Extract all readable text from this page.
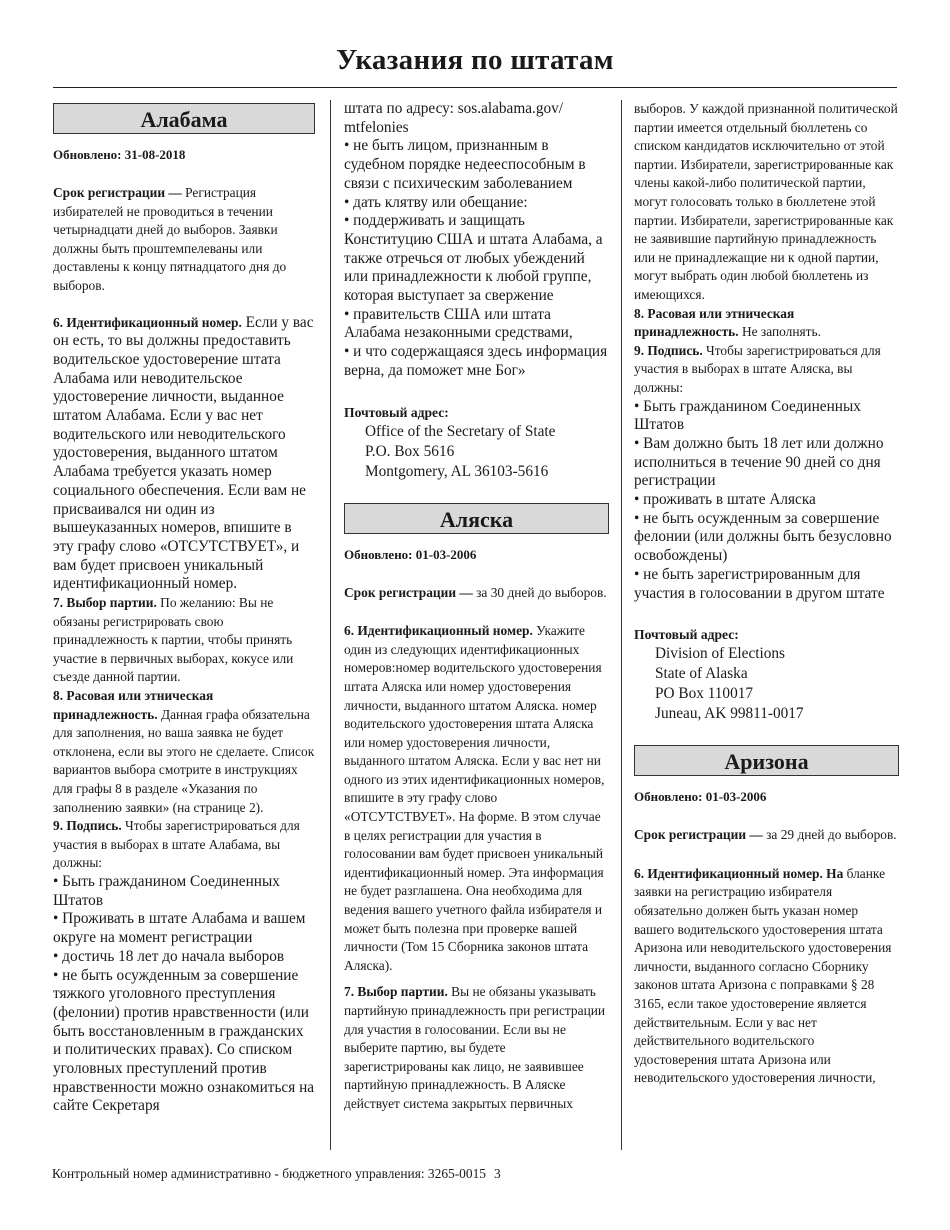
Указания по штатам
Алабама
Обновлено: 31-08-2018

Срок регистрации — Регистрация избирателей не проводиться в течении четырнадцати дней до выборов. Заявки должны быть проштемпелеваны или доставлены к концу пятнадцатого дня до выборов.

6. Идентификационный номер. Если у вас он есть, то вы должны предоставить водительское удостоверение штата Алабама или неводительское удостоверение личности, выданное штатом Алабама. Если у вас нет водительского или неводительского удостоверения, выданного штатом Алабама требуется указать номер социального обеспечения. Если вам не присваивался ни один из вышеуказанных номеров, впишите в эту графу слово «ОТСУТСТВУЕТ», и вам будет присвоен уникальный идентификационный номер.

7. Выбор партии. По желанию: Вы не обязаны регистрировать свою принадлежность к партии, чтобы принять участие в первичных выборах, кокусе или съезде данной партии.

8. Расовая или этническая принадлежность. Данная графа обязательна для заполнения, но ваша заявка не будет отклонена, если вы этого не сделаете. Список вариантов выбора смотрите в инструкциях для графы 8 в разделе «Указания по заполнению заявки» (на странице 2).

9. Подпись. Чтобы зарегистрироваться для участия в выборах в штате Алабама, вы должны:

• Быть гражданином Соединенных Штатов

• Проживать в штате Алабама и вашем округе на момент регистрации

• достичь 18 лет до начала выборов

• не быть осужденным за совершение тяжкого уголовного преступления (фелонии) против нравственности (или быть восстановленным в гражданских и политических правах). Со списком уголовных преступлений против нравственности можно ознакомиться на сайте Секретаря

штата по адресу: sos.alabama.gov/ mtfelonies

• не быть лицом, признанным в судебном порядке недееспособным в связи с психическим заболеванием

• дать клятву или обещание:

• поддерживать и защищать Конституцию США и штата Алабама, а также отречься от любых убеждений или принадлежности к любой группе, которая выступает за свержение

• правительств США или штата Алабама незаконными средствами,

• и что содержащаяся здесь информация верна, да поможет мне Бог»

Почтовый адрес:

Office of the Secretary of State

P.O. Box 5616

Montgomery, AL 36103-5616

Аляска
Обновлено: 01-03-2006

Срок регистрации — за 30 дней до выборов.

6. Идентификационный номер. Укажите один из следующих идентификационных номеров:номер водительского удостоверения штата Аляска или номер удостоверения личности, выданного штатом Аляска. номер водительского удостоверения штата Аляска или номер удостоверения личности, выданного штатом Аляска. Если у вас нет ни одного из этих идентификационных номеров, впишите в эту графу слово «ОТСУТСТВУЕТ». На форме. В этом случае в целях регистрации для участия в голосовании вам будет присвоен уникальный идентификационный номер. Эта информация не будет разглашена. Она необходима для ведения вашего учетного файла избирателя и может быть полезна при проверке вашей личности (Том 15 Сборника законов штата Аляска).

7. Выбор партии. Вы не обязаны указывать партийную принадлежность при регистрации для участия в голосовании. Если вы не выберите партию, вы будете зарегистрированы как лицо, не заявившее партийную принадлежность. В Аляске действует система закрытых первичных

выборов. У каждой признанной политической партии имеется отдельный бюллетень со списком кандидатов исключительно от этой партии. Избиратели, зарегистрированные как члены какой-либо политической партии, могут голосовать только в бюллетене этой партии. Избиратели, зарегистрированные как не заявившие партийную принадлежность или не принадлежащие ни к одной партии, могут выбрать один любой бюллетень из имеющихся.

8. Расовая или этническая принадлежность. Не заполнять.

9. Подпись. Чтобы зарегистрироваться для участия в выборах в штате Аляска, вы должны:

• Быть гражданином Соединенных Штатов

• Вам должно быть 18 лет или должно исполниться в течение 90 дней со дня регистрации

• проживать в штате Аляска

• не быть осужденным за совершение фелонии (или должны быть безусловно освобождены)

• не быть зарегистрированным для участия в голосовании в другом штате

Почтовый адрес:

Division of Elections

State of Alaska

PO Box 110017

Juneau, AK 99811-0017

Аризона
Обновлено: 01-03-2006

Срок регистрации — за 29 дней до выборов.

6. Идентификационный номер. На бланке заявки на регистрацию избирателя обязательно должен быть указан номер вашего водительского удостоверения штата Аризона или неводительского удостоверения личности, выданного согласно Сборнику законов штата Аризона с поправками § 28 3165, если такое удостоверение является действительным. Если у вас нет действительного водительского удостоверения штата Аризона или неводительского удостоверения личности,

Контрольный номер административно - бюджетного управления: 3265-0015 3
